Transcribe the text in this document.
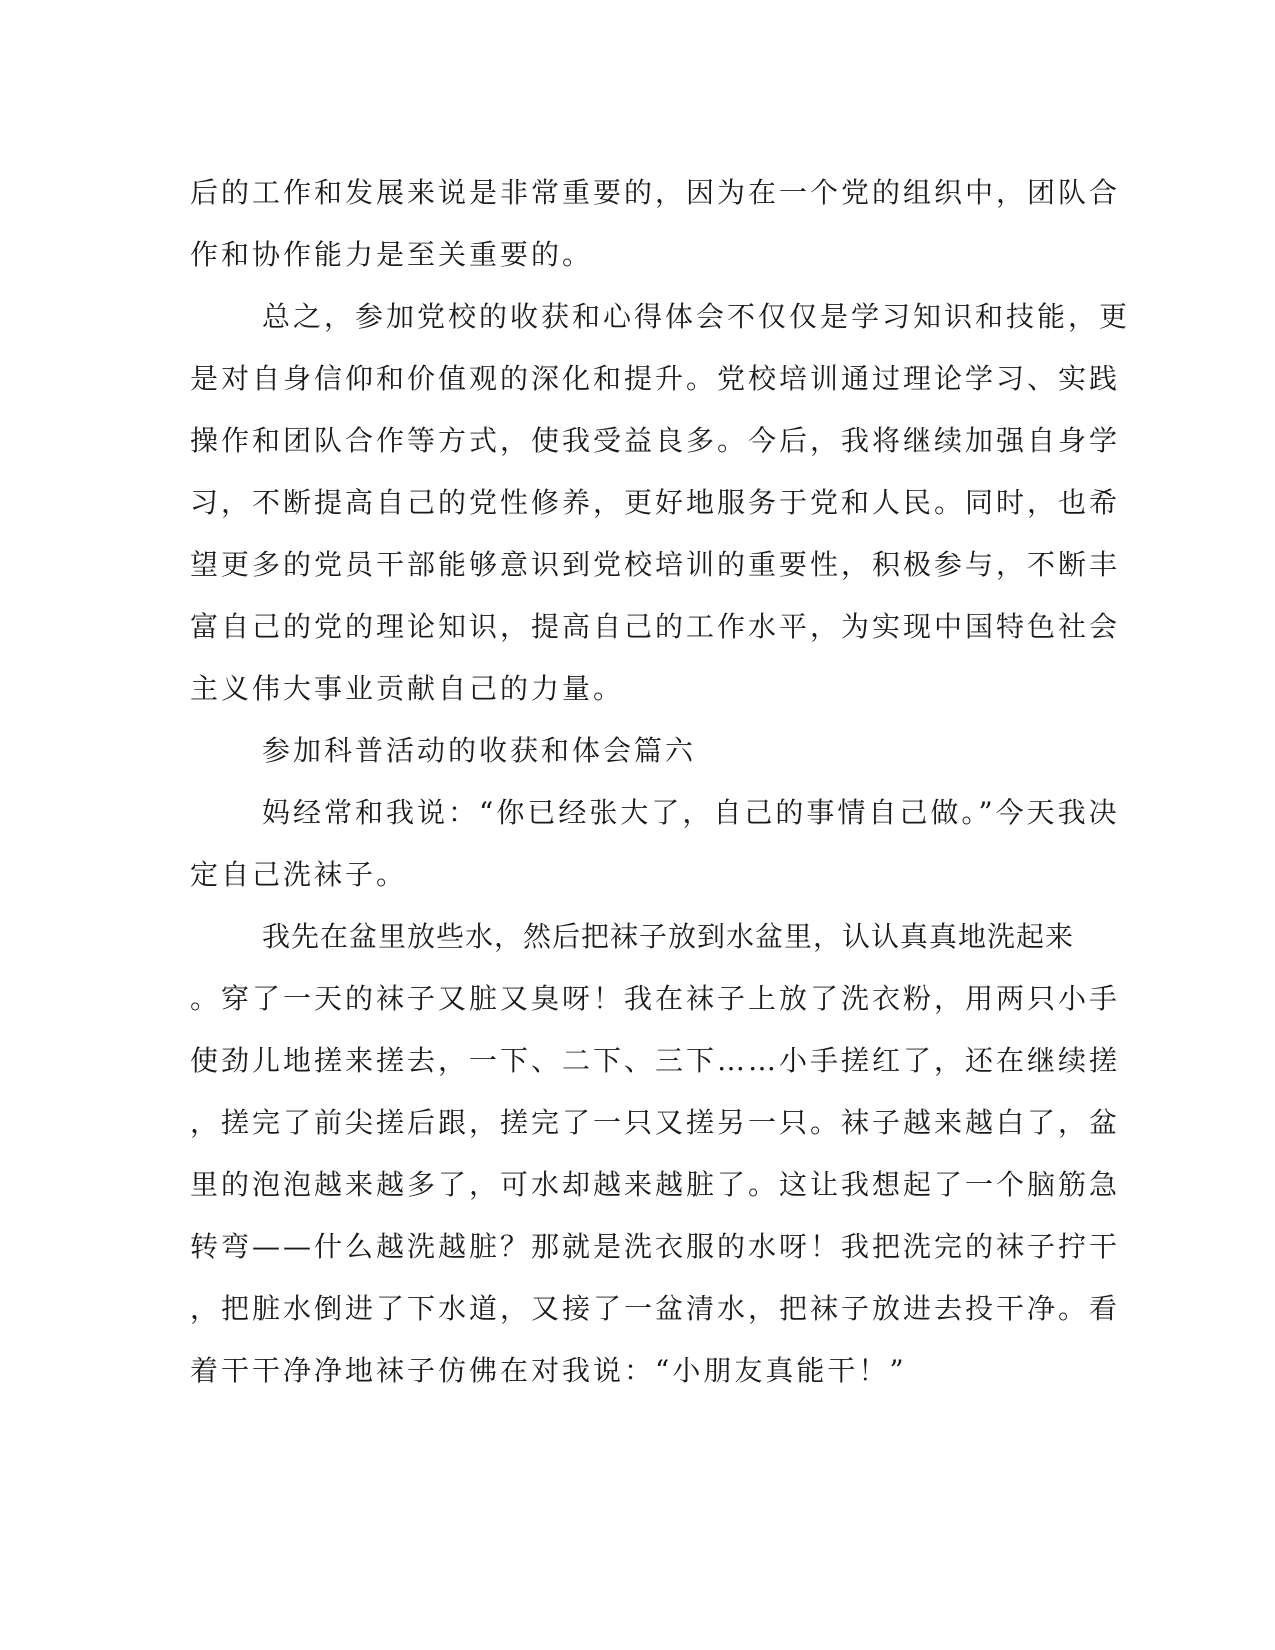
后的工作和发展来说是非常重要的，因为在一个党的组织中，团队合
作和协作能力是至关重要的。
总之，参加党校的收获和心得体会不仅仅是学习知识和技能，更
是对自身信仰和价值观的深化和提升。党校培训通过理论学习、实践
操作和团队合作等方式，使我受益良多。今后，我将继续加强自身学
习，不断提高自己的党性修养，更好地服务于党和人民。同时，也希
望更多的党员干部能够意识到党校培训的重要性，积极参与，不断丰
富自己的党的理论知识，提高自己的工作水平，为实现中国特色社会
主义伟大事业贡献自己的力量。
参加科普活动的收获和体会篇六
妈经常和我说：“你已经张大了，自己的事情自己做。”今天我决
定自己洗袜子。
我先在盆里放些水，然后把袜子放到水盆里，认认真真地洗起来
。穿了一天的袜子又脏又臭呀！我在袜子上放了洗衣粉，用两只小手
使劲儿地搓来搓去，一下、二下、三下……小手搓红了，还在继续搓
，搓完了前尖搓后跟，搓完了一只又搓另一只。袜子越来越白了，盆
里的泡泡越来越多了，可水却越来越脏了。这让我想起了一个脑筋急
转弯——什么越洗越脏？那就是洗衣服的水呀！我把洗完的袜子拧干
，把脏水倒进了下水道，又接了一盆清水，把袜子放进去投干净。看
着干干净净地袜子仿佛在对我说：“小朋友真能干！”
